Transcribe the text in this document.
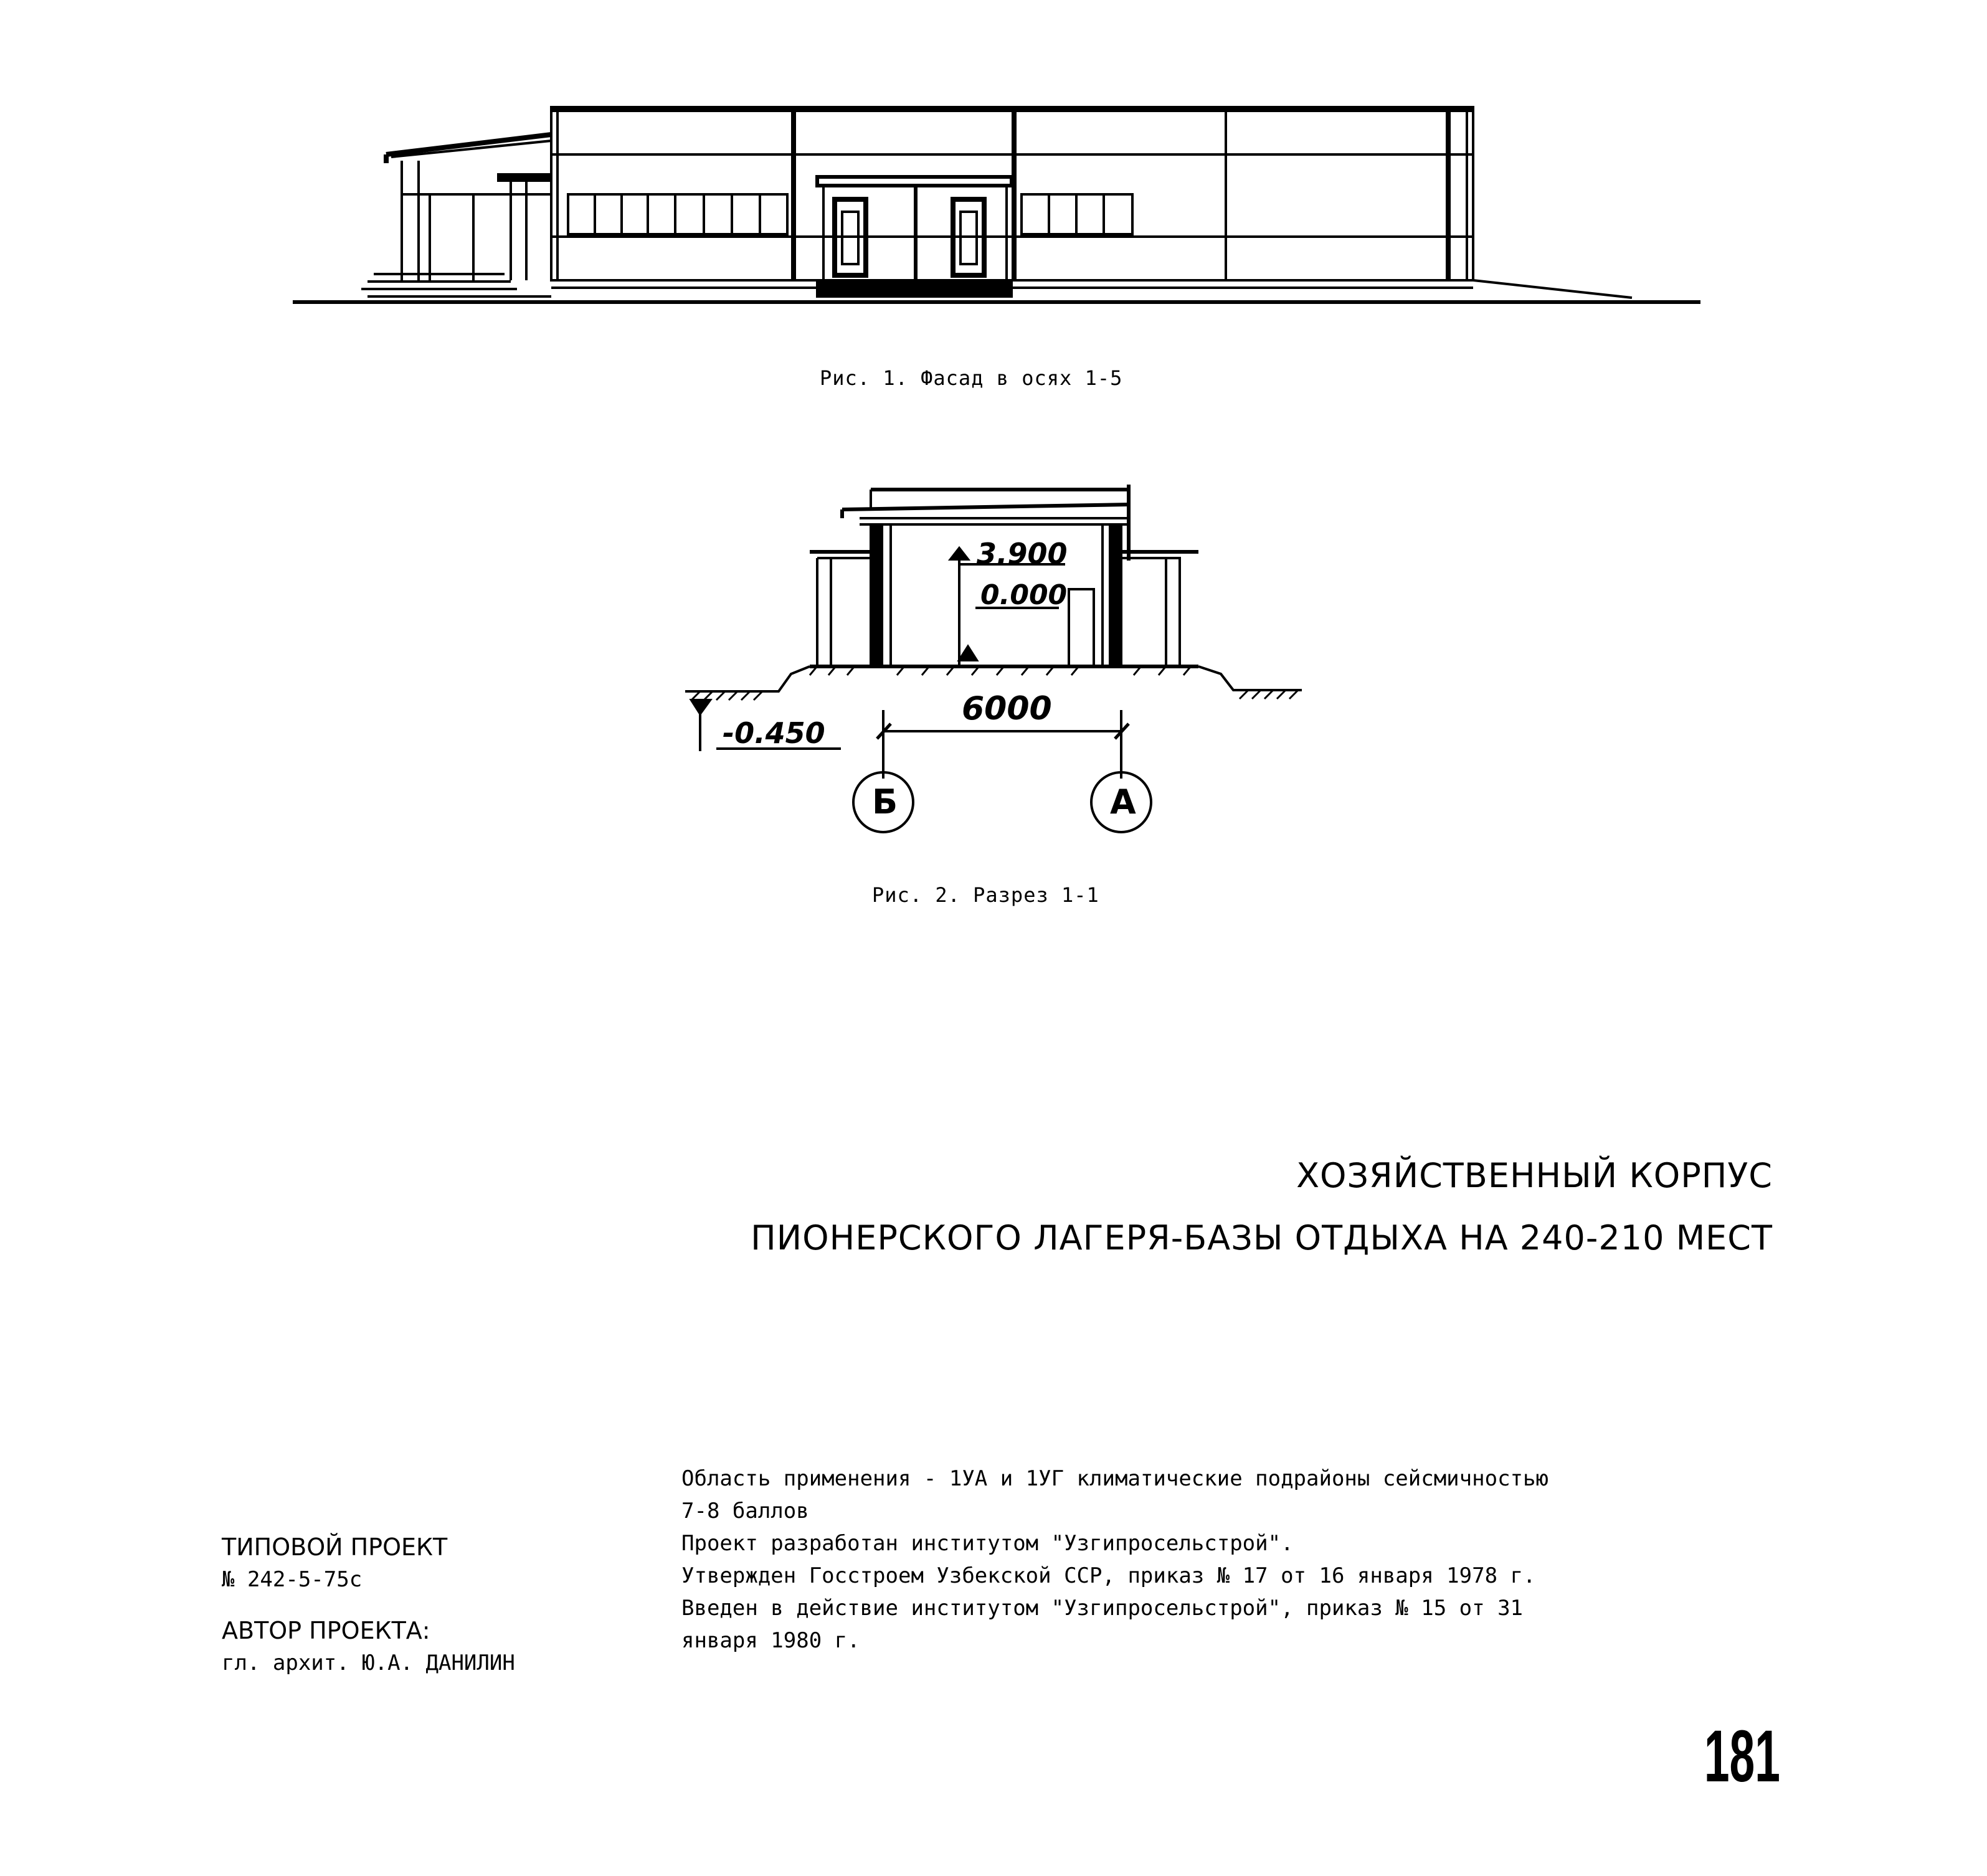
Рис. 1. Фасад в осях 1-5
3.900
0.000
-0.450
6000
Б	А
Рис. 2. Разрез 1-1
ХОЗЯЙСТВЕННЫЙ КОРПУС
ПИОНЕРСКОГО ЛАГЕРЯ-БАЗЫ ОТДЫХА НА 240-210 МЕСТ
ТИПОВОЙ ПРОЕКТ
№ 242-5-75с
АВТОР ПРОЕКТА:
гл. архит. Ю.А. ДАНИЛИН

Область применения - 1УА и 1УГ климатические подрайоны сейсмичностью 7-8 баллов

Проект разработан институтом "Узгипросельстрой".

Утвержден Госстроем Узбекской ССР, приказ № 17 от 16 января 1978 г.

Введен в действие институтом "Узгипросельстрой", приказ № 15 от 31 января 1980 г.

181
